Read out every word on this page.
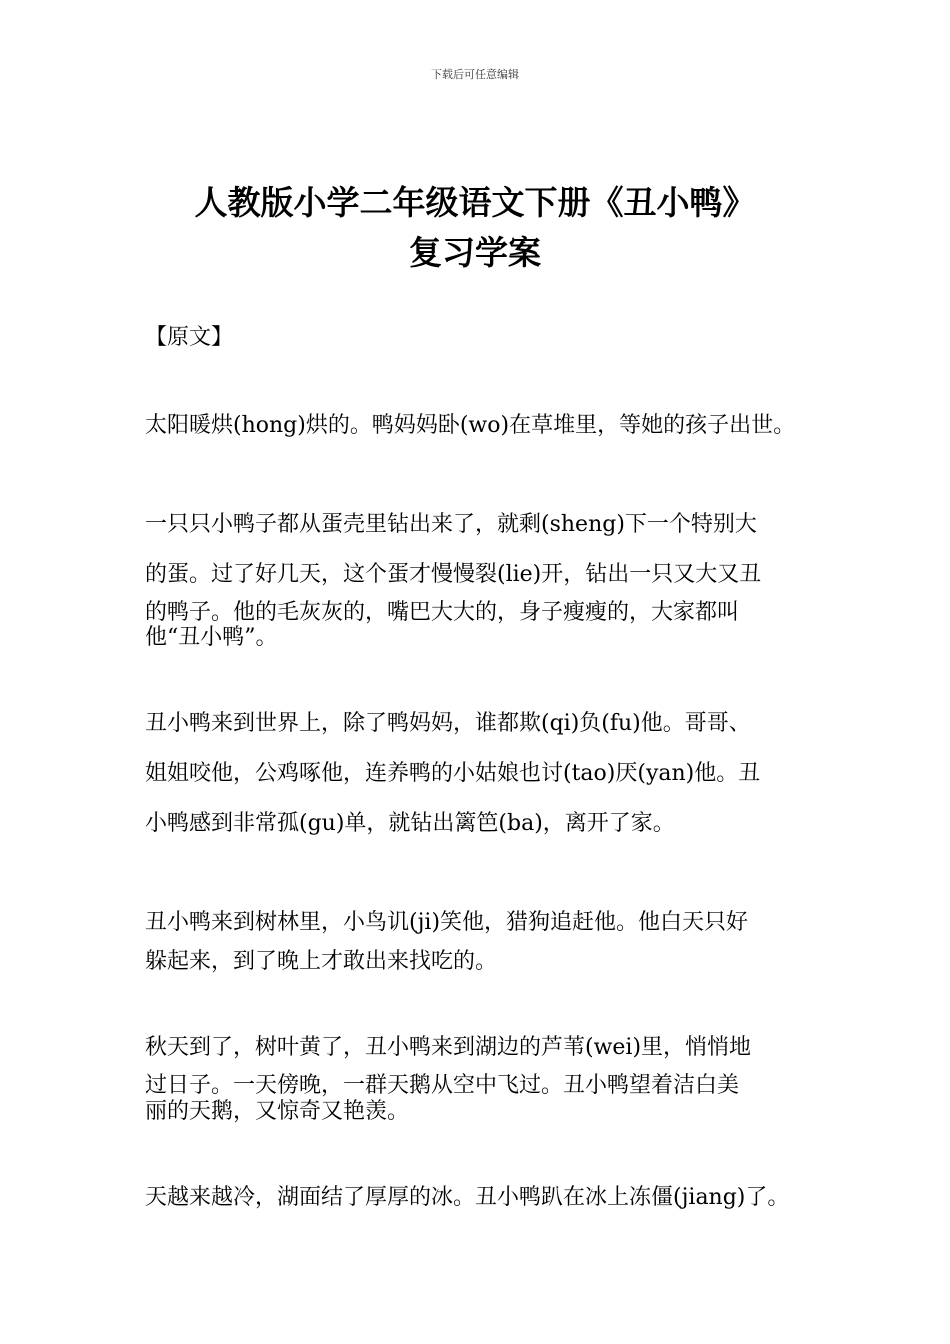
下载后可任意编辑
人教版小学二年级语文下册《丑小鸭》
复习学案
【原文】
太阳暖烘(hong)烘的。鸭妈妈卧(wo)在草堆里，等她的孩子出世。
一只只小鸭子都从蛋壳里钻出来了，就剩(sheng)下一个特别大
的蛋。过了好几天，这个蛋才慢慢裂(lie)开，钻出一只又大又丑
的鸭子。他的毛灰灰的，嘴巴大大的，身子瘦瘦的，大家都叫
他“丑小鸭”。
丑小鸭来到世界上，除了鸭妈妈，谁都欺(qi)负(fu)他。哥哥、
姐姐咬他，公鸡啄他，连养鸭的小姑娘也讨(tao)厌(yan)他。丑
小鸭感到非常孤(gu)单，就钻出篱笆(ba)，离开了家。
丑小鸭来到树林里，小鸟讥(ji)笑他，猎狗追赶他。他白天只好
躲起来，到了晚上才敢出来找吃的。
秋天到了，树叶黄了，丑小鸭来到湖边的芦苇(wei)里，悄悄地
过日子。一天傍晚，一群天鹅从空中飞过。丑小鸭望着洁白美
丽的天鹅，又惊奇又艳羡。
天越来越冷，湖面结了厚厚的冰。丑小鸭趴在冰上冻僵(jiang)了。
